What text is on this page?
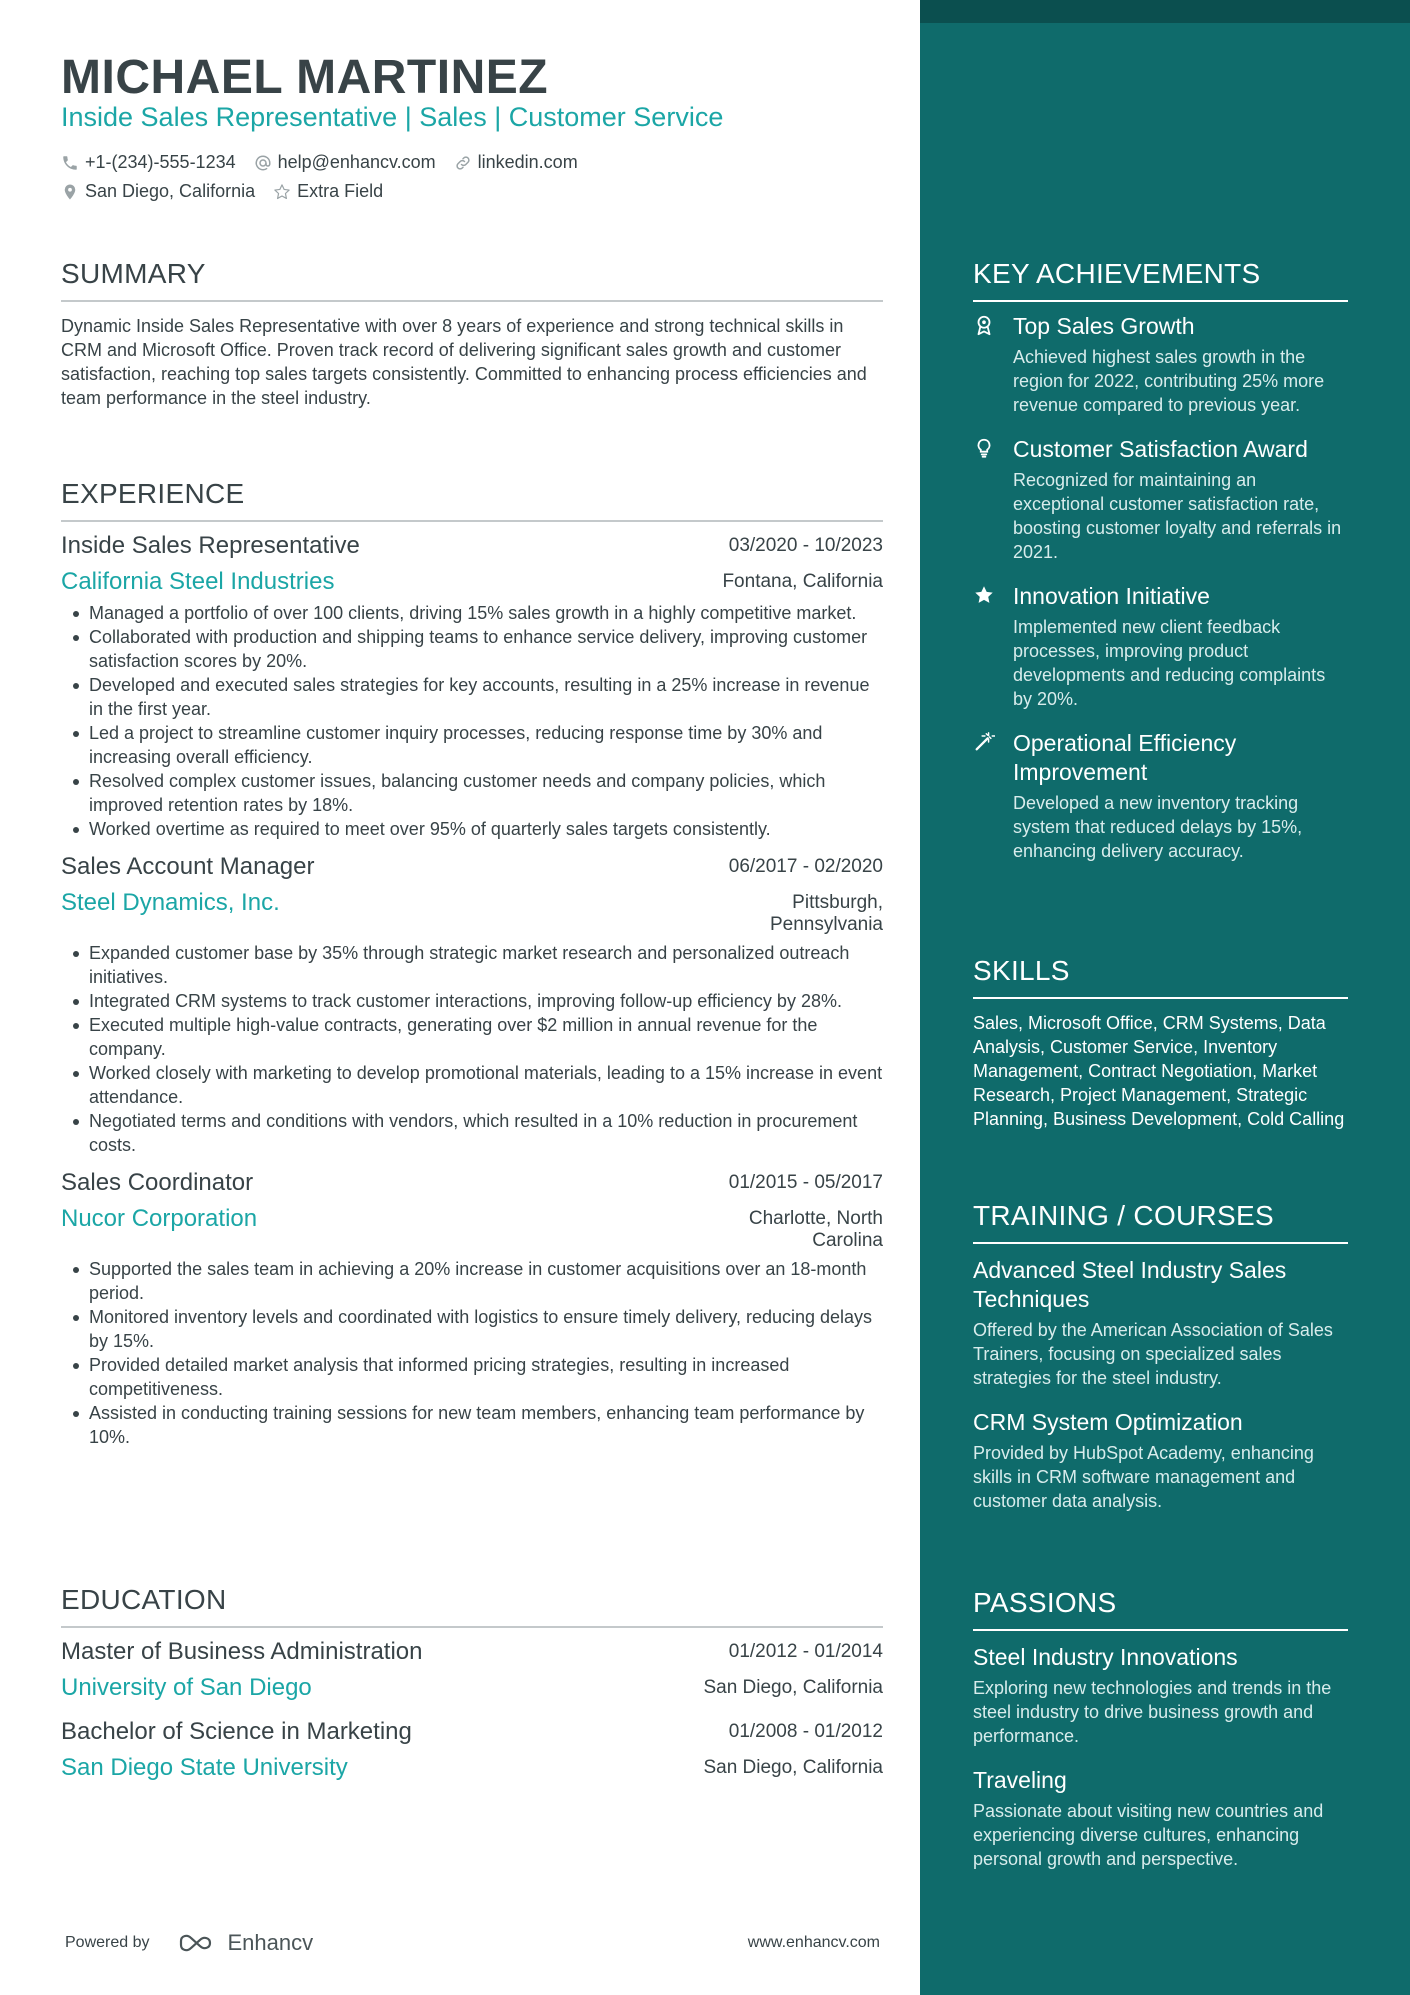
MICHAEL MARTINEZ
Inside Sales Representative | Sales | Customer Service
+1-(234)-555-1234 help@enhancv.com linkedin.com
San Diego, California Extra Field
SUMMARY
Dynamic Inside Sales Representative with over 8 years of experience and strong technical skills in CRM and Microsoft Office. Proven track record of delivering significant sales growth and customer satisfaction, reaching top sales targets consistently. Committed to enhancing process efficiencies and team performance in the steel industry.
EXPERIENCE
Inside Sales Representative	03/2020 - 10/2023
California Steel Industries	Fontana, California
Managed a portfolio of over 100 clients, driving 15% sales growth in a highly competitive market.
Collaborated with production and shipping teams to enhance service delivery, improving customer satisfaction scores by 20%.
Developed and executed sales strategies for key accounts, resulting in a 25% increase in revenue in the first year.
Led a project to streamline customer inquiry processes, reducing response time by 30% and increasing overall efficiency.
Resolved complex customer issues, balancing customer needs and company policies, which improved retention rates by 18%.
Worked overtime as required to meet over 95% of quarterly sales targets consistently.
Sales Account Manager	06/2017 - 02/2020
Steel Dynamics, Inc.	Pittsburgh, Pennsylvania
Expanded customer base by 35% through strategic market research and personalized outreach initiatives.
Integrated CRM systems to track customer interactions, improving follow-up efficiency by 28%.
Executed multiple high-value contracts, generating over $2 million in annual revenue for the company.
Worked closely with marketing to develop promotional materials, leading to a 15% increase in event attendance.
Negotiated terms and conditions with vendors, which resulted in a 10% reduction in procurement costs.
Sales Coordinator	01/2015 - 05/2017
Nucor Corporation	Charlotte, North Carolina
Supported the sales team in achieving a 20% increase in customer acquisitions over an 18-month period.
Monitored inventory levels and coordinated with logistics to ensure timely delivery, reducing delays by 15%.
Provided detailed market analysis that informed pricing strategies, resulting in increased competitiveness.
Assisted in conducting training sessions for new team members, enhancing team performance by 10%.
EDUCATION
Master of Business Administration	01/2012 - 01/2014
University of San Diego	San Diego, California
Bachelor of Science in Marketing	01/2008 - 01/2012
San Diego State University	San Diego, California
KEY ACHIEVEMENTS
Top Sales Growth
Achieved highest sales growth in the region for 2022, contributing 25% more revenue compared to previous year.
Customer Satisfaction Award
Recognized for maintaining an exceptional customer satisfaction rate, boosting customer loyalty and referrals in 2021.
Innovation Initiative
Implemented new client feedback processes, improving product developments and reducing complaints by 20%.
Operational Efficiency Improvement
Developed a new inventory tracking system that reduced delays by 15%, enhancing delivery accuracy.
SKILLS
Sales, Microsoft Office, CRM Systems, Data Analysis, Customer Service, Inventory Management, Contract Negotiation, Market Research, Project Management, Strategic Planning, Business Development, Cold Calling
TRAINING / COURSES
Advanced Steel Industry Sales Techniques
Offered by the American Association of Sales Trainers, focusing on specialized sales strategies for the steel industry.
CRM System Optimization
Provided by HubSpot Academy, enhancing skills in CRM software management and customer data analysis.
PASSIONS
Steel Industry Innovations
Exploring new technologies and trends in the steel industry to drive business growth and performance.
Traveling
Passionate about visiting new countries and experiencing diverse cultures, enhancing personal growth and perspective.
Powered by	Enhancv	www.enhancv.com
